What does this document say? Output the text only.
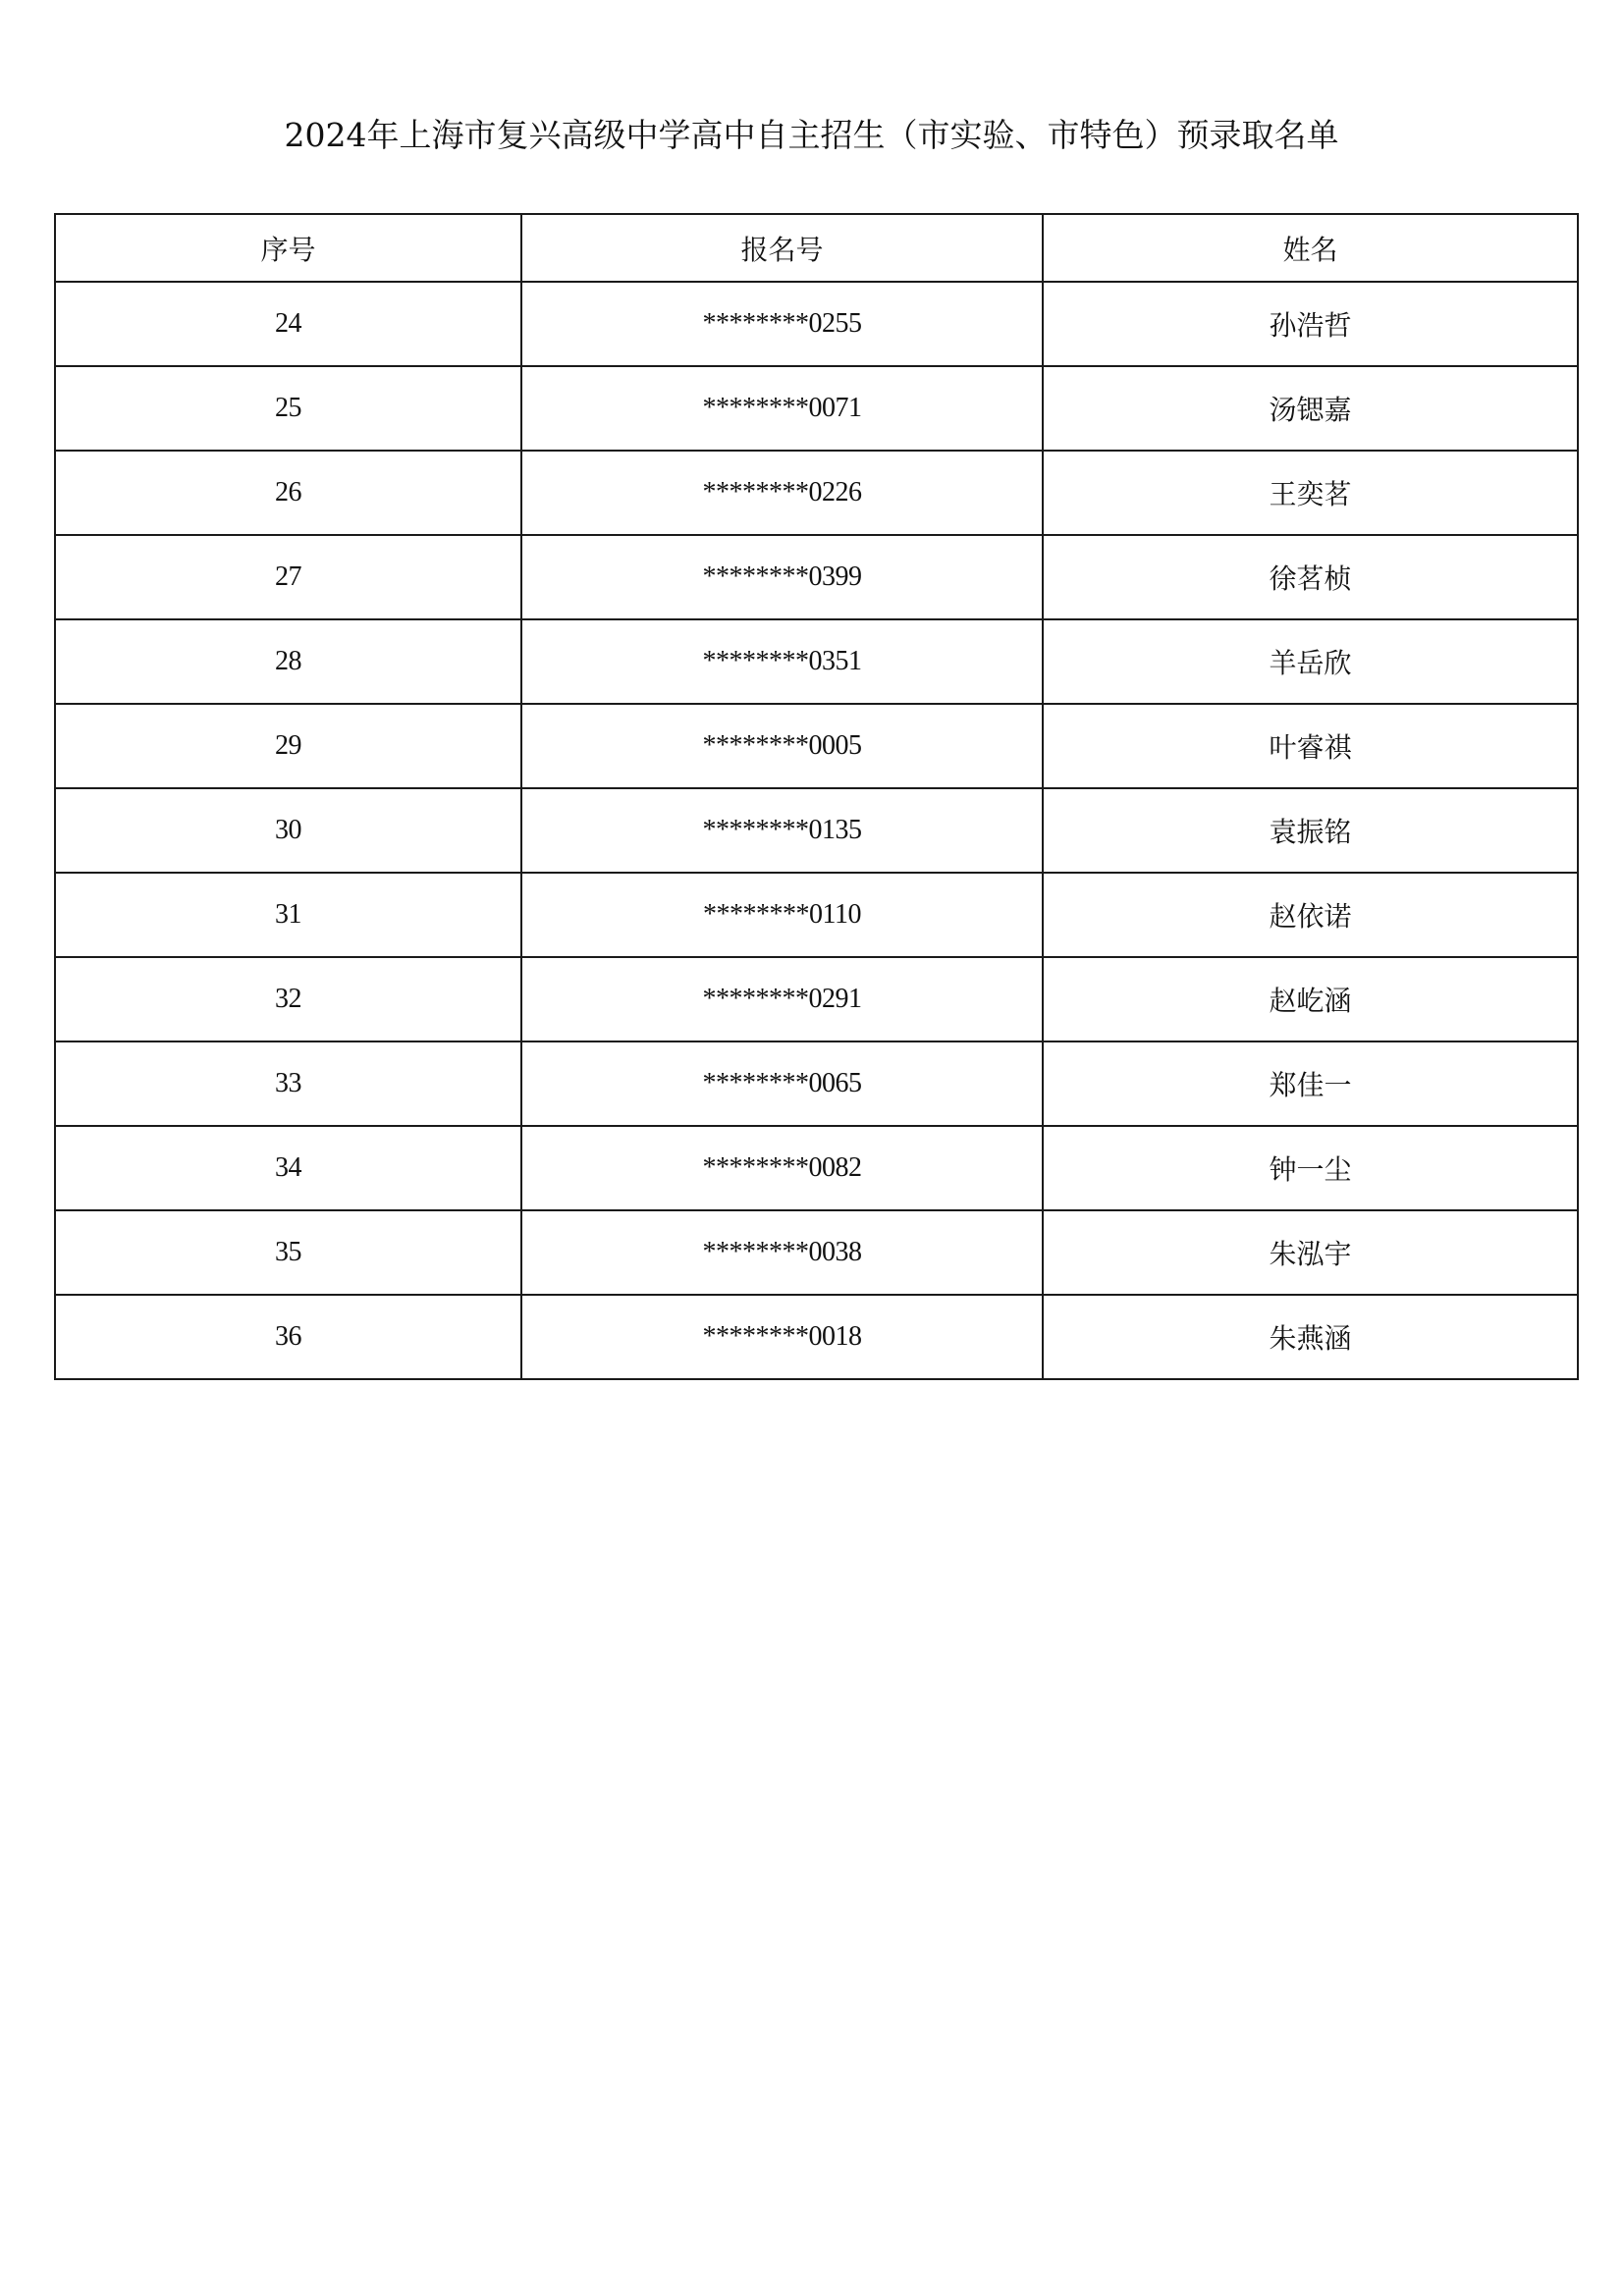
2024年上海市复兴高级中学高中自主招生（市实验、市特色）预录取名单
序号	报名号	姓名
24	********0255	孙浩哲
25	********0071	汤锶嘉
26	********0226	王奕茗
27	********0399	徐茗桢
28	********0351	羊岳欣
29	********0005	叶睿祺
30	********0135	袁振铭
31	********0110	赵依诺
32	********0291	赵屹涵
33	********0065	郑佳一
34	********0082	钟一尘
35	********0038	朱泓宇
36	********0018	朱燕涵
